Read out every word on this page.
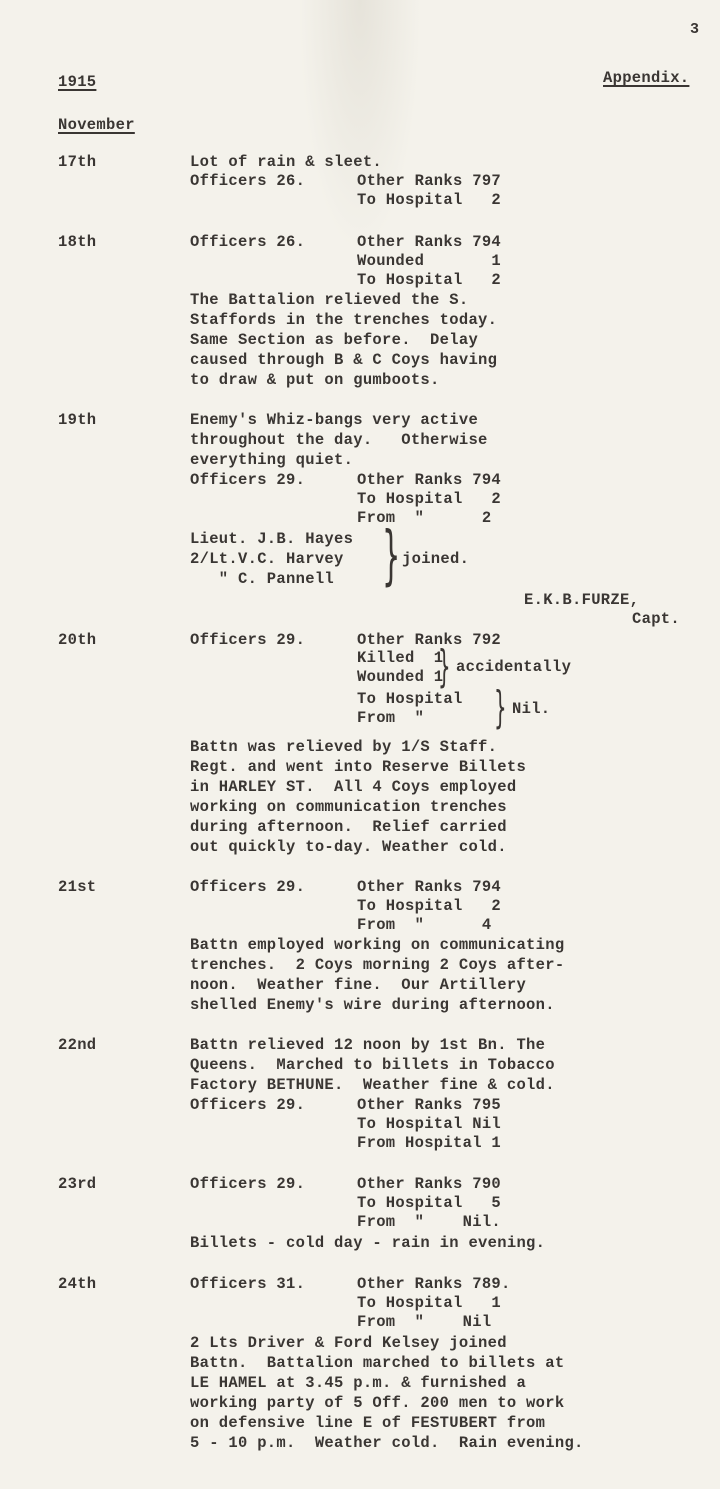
3
1915	Appendix.
November
17th	Lot of rain & sleet.
Officers 26.	Other Ranks 797
To Hospital   2
18th	Officers 26.	Other Ranks 794
Wounded       1
To Hospital   2
The Battalion relieved the S.
Staffords in the trenches today.
Same Section as before.  Delay
caused through B & C Coys having
to draw & put on gumboots.
19th	Enemy's Whiz-bangs very active
throughout the day.   Otherwise
everything quiet.
Officers 29.	Other Ranks 794
To Hospital   2
From  "      2
Lieut. J.B. Hayes
2/Lt.V.C. Harvey
" C. Pannell } joined.
E.K.B.FURZE,
Capt.
20th	Officers 29.	Other Ranks 792
Killed  1
Wounded 1
} accidentally
To Hospital
From  " } Nil.
Battn was relieved by 1/S Staff.
Regt. and went into Reserve Billets
in HARLEY ST.  All 4 Coys employed
working on communication trenches
during afternoon.  Relief carried
out quickly to-day. Weather cold.
21st	Officers 29.	Other Ranks 794
To Hospital   2
From  "      4
Battn employed working on communicating
trenches.  2 Coys morning 2 Coys after-
noon.  Weather fine.  Our Artillery
shelled Enemy's wire during afternoon.
22nd	Battn relieved 12 noon by 1st Bn. The
Queens.  Marched to billets in Tobacco
Factory BETHUNE.  Weather fine & cold.
Officers 29.	Other Ranks 795
To Hospital Nil
From Hospital 1
23rd	Officers 29.	Other Ranks 790
To Hospital   5
From  "    Nil.
Billets - cold day - rain in evening.
24th	Officers 31.	Other Ranks 789.
To Hospital   1
From  "    Nil
2 Lts Driver & Ford Kelsey joined
Battn.  Battalion marched to billets at
LE HAMEL at 3.45 p.m. & furnished a
working party of 5 Off. 200 men to work
on defensive line E of FESTUBERT from
5 - 10 p.m.  Weather cold.  Rain evening.
